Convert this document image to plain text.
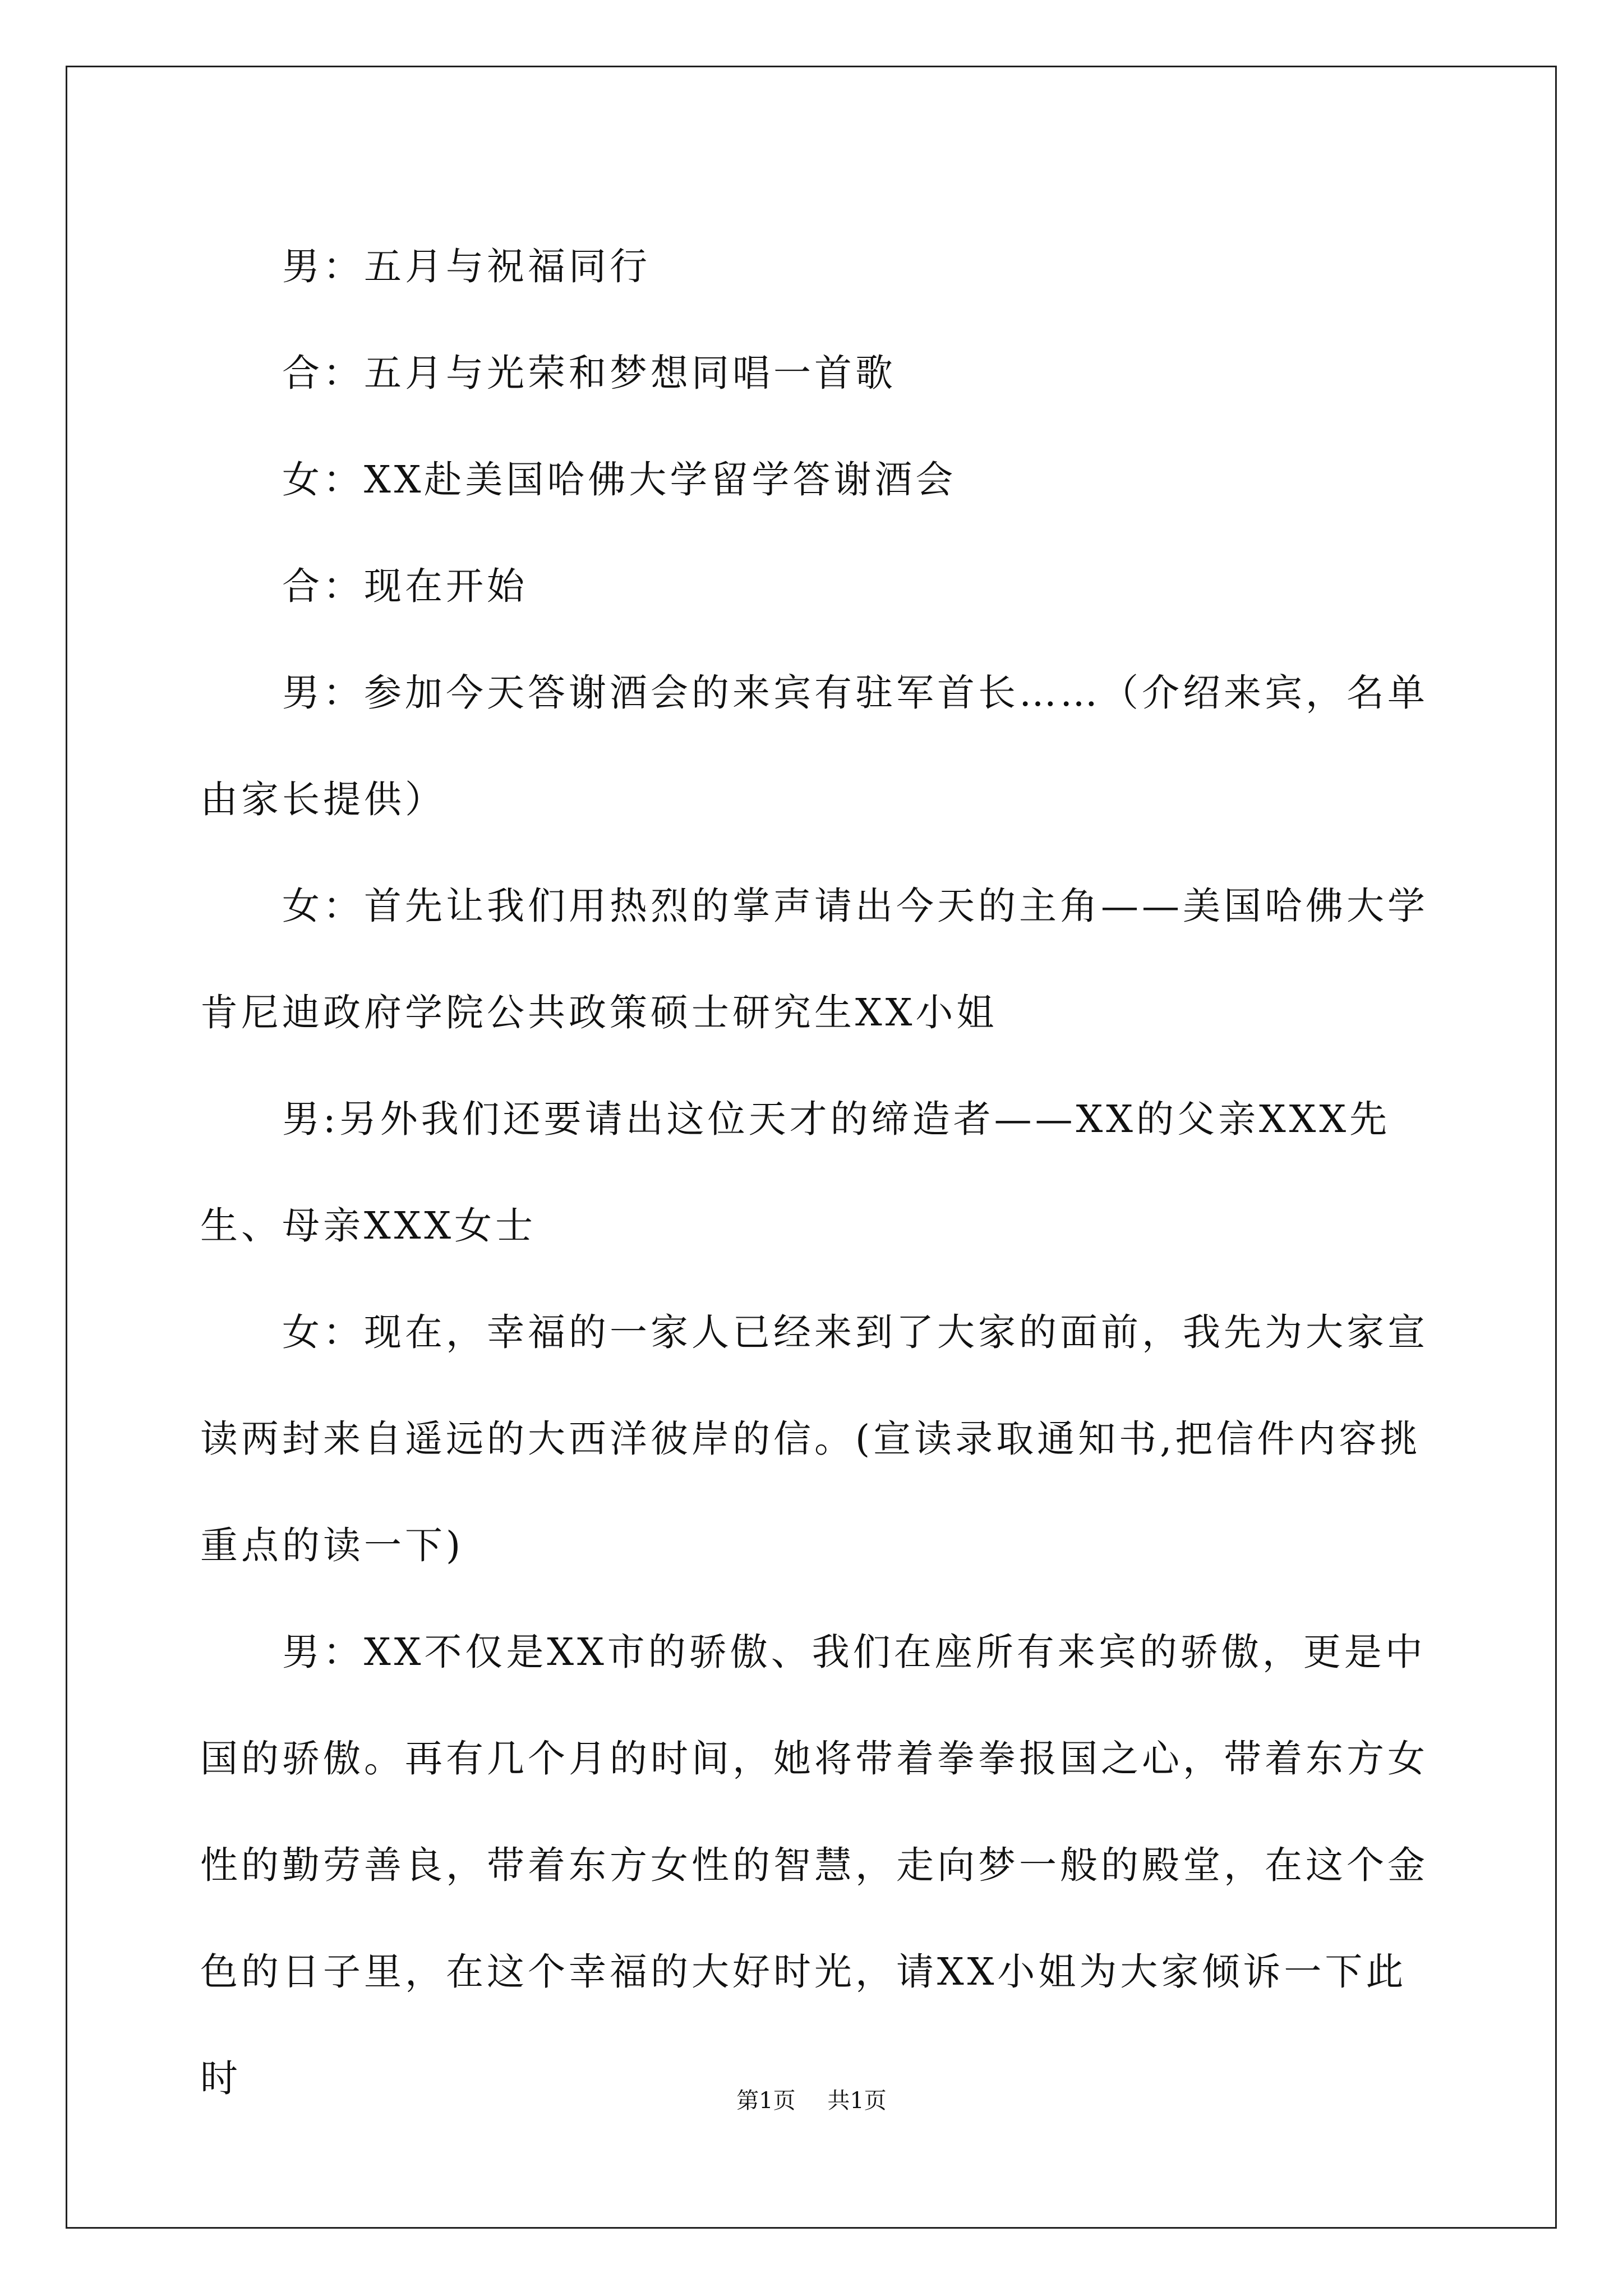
男：五月与祝福同行

合：五月与光荣和梦想同唱一首歌

女：XX赴美国哈佛大学留学答谢酒会

合：现在开始

男：参加今天答谢酒会的来宾有驻军首长……（介绍来宾，名单由家长提供）

女：首先让我们用热烈的掌声请出今天的主角——美国哈佛大学肯尼迪政府学院公共政策硕士研究生XX小姐

男:另外我们还要请出这位天才的缔造者——XX的父亲XXX先生、母亲XXX女士

女：现在，幸福的一家人已经来到了大家的面前，我先为大家宣读两封来自遥远的大西洋彼岸的信。(宣读录取通知书,把信件内容挑重点的读一下)

男：XX不仅是XX市的骄傲、我们在座所有来宾的骄傲，更是中国的骄傲。再有几个月的时间，她将带着拳拳报国之心，带着东方女性的勤劳善良，带着东方女性的智慧，走向梦一般的殿堂，在这个金色的日子里，在这个幸福的大好时光，请XX小姐为大家倾诉一下此时

第1页 共1页
